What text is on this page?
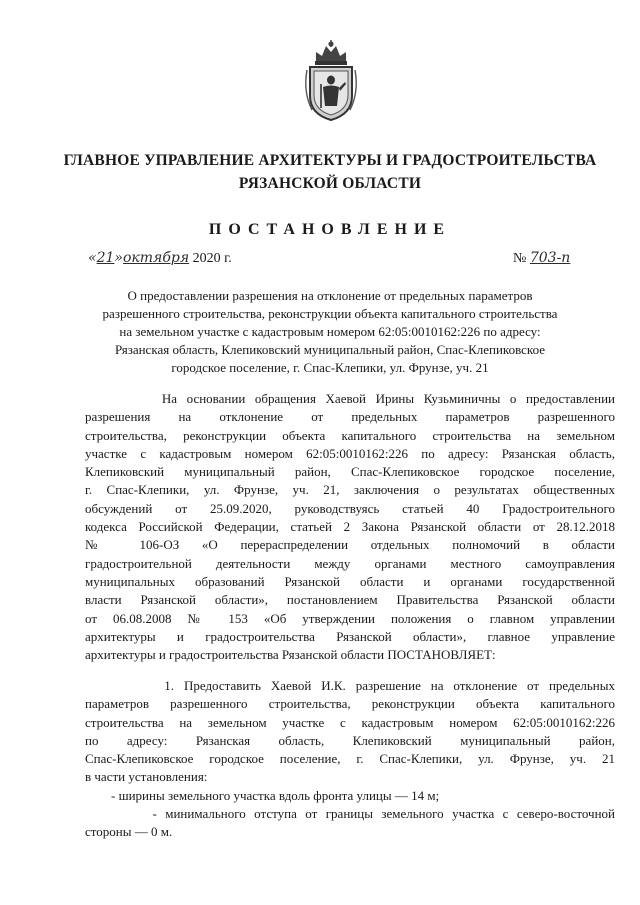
ГЛАВНОЕ УПРАВЛЕНИЕ АРХИТЕКТУРЫ И ГРАДОСТРОИТЕЛЬСТВА
РЯЗАНСКОЙ ОБЛАСТИ
ПОСТАНОВЛЕНИЕ
«21»октября 2020 г.	№ 703-п
О предоставлении разрешения на отклонение от предельных параметров
разрешенного строительства, реконструкции объекта капитального строительства
на земельном участке с кадастровым номером 62:05:0010162:226 по адресу:
Рязанская область, Клепиковский муниципальный район, Спас-Клепиковское
городское поселение, г. Спас-Клепики, ул. Фрунзе, уч. 21
На основании обращения Хаевой Ирины Кузьминичны о предоставлении
разрешения на отклонение от предельных параметров разрешенного
строительства, реконструкции объекта капитального строительства на земельном
участке с кадастровым номером 62:05:0010162:226 по адресу: Рязанская область,
Клепиковский муниципальный район, Спас-Клепиковское городское поселение,
г. Спас-Клепики, ул. Фрунзе, уч. 21, заключения о результатах общественных
обсуждений от 25.09.2020, руководствуясь статьей 40 Градостроительного
кодекса Российской Федерации, статьей 2 Закона Рязанской области от 28.12.2018
№ 106-ОЗ «О перераспределении отдельных полномочий в области
градостроительной деятельности между органами местного самоуправления
муниципальных образований Рязанской области и органами государственной
власти Рязанской области», постановлением Правительства Рязанской области
от 06.08.2008 № 153 «Об утверждении положения о главном управлении
архитектуры и градостроительства Рязанской области», главное управление
архитектуры и градостроительства Рязанской области ПОСТАНОВЛЯЕТ:
1. Предоставить Хаевой И.К. разрешение на отклонение от предельных
параметров разрешенного строительства, реконструкции объекта капитального
строительства на земельном участке с кадастровым номером 62:05:0010162:226
по адресу: Рязанская область, Клепиковский муниципальный район,
Спас-Клепиковское городское поселение, г. Спас-Клепики, ул. Фрунзе, уч. 21
в части установления:
- ширины земельного участка вдоль фронта улицы — 14 м;
- минимального отступа от границы земельного участка с северо-восточной
стороны — 0 м.
